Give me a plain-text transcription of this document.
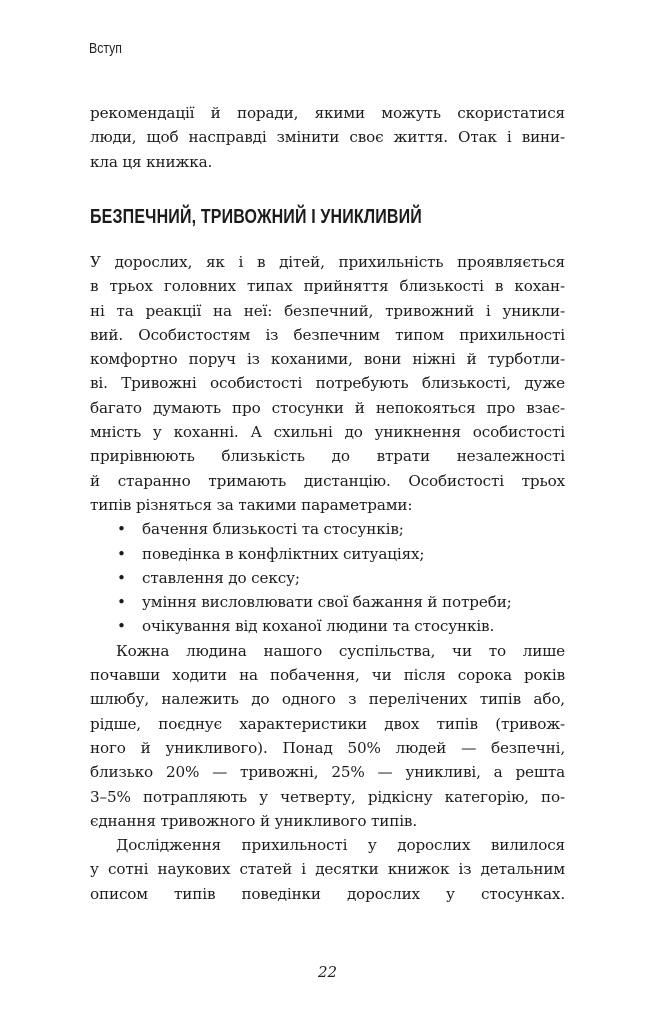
Вступ
рекомендації й поради, якими можуть скористатися
люди, щоб насправді змінити своє життя. Отак і вини-
кла ця книжка.
БЕЗПЕЧНИЙ, ТРИВОЖНИЙ І УНИКЛИВИЙ
У дорослих, як і в дітей, прихильність проявляється
в трьох головних типах прийняття близькості в кохан-
ні та реакції на неї: безпечний, тривожний і уникли-
вий. Особистостям із безпечним типом прихильності
комфортно поруч із коханими, вони ніжні й турботли-
ві. Тривожні особистості потребують близькості, дуже
багато думають про стосунки й непокояться про взає-
мність у коханні. А схильні до уникнення особистості
прирівнюють близькість до втрати незалежності
й старанно тримають дистанцію. Особистості трьох
типів різняться за такими параметрами:
• бачення близькості та стосунків;
• поведінка в конфліктних ситуаціях;
• ставлення до сексу;
• уміння висловлювати свої бажання й потреби;
• очікування від коханої людини та стосунків.
Кожна людина нашого суспільства, чи то лише
почавши ходити на побачення, чи після сорока років
шлюбу, належить до одного з перелічених типів або,
рідше, поєднує характеристики двох типів (тривож-
ного й уникливого). Понад 50% людей — безпечні,
близько 20% — тривожні, 25% — уникливі, а решта
3–5% потрапляють у четверту, рідкісну категорію, по-
єднання тривожного й уникливого типів.
Дослідження прихильності у дорослих вилилося
у сотні наукових статей і десятки книжок із детальним
описом типів поведінки дорослих у стосунках.
22
